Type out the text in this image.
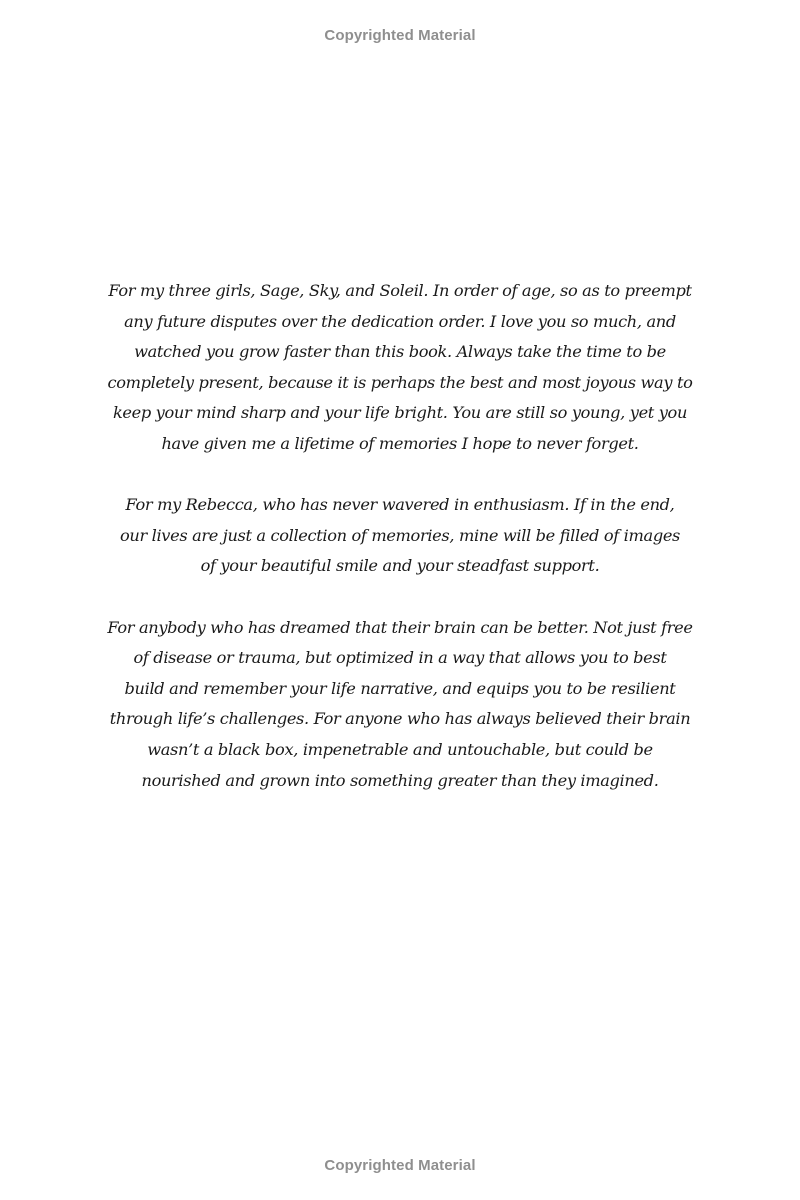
Copyrighted Material

For my three girls, Sage, Sky, and Soleil. In order of age, so as to preempt
any future disputes over the dedication order. I love you so much, and
watched you grow faster than this book. Always take the time to be
completely present, because it is perhaps the best and most joyous way to
keep your mind sharp and your life bright. You are still so young, yet you
have given me a lifetime of memories I hope to never forget.

For my Rebecca, who has never wavered in enthusiasm. If in the end,
our lives are just a collection of memories, mine will be filled of images
of your beautiful smile and your steadfast support.

For anybody who has dreamed that their brain can be better. Not just free
of disease or trauma, but optimized in a way that allows you to best
build and remember your life narrative, and equips you to be resilient
through life’s challenges. For anyone who has always believed their brain
wasn’t a black box, impenetrable and untouchable, but could be
nourished and grown into something greater than they imagined.

Copyrighted Material
